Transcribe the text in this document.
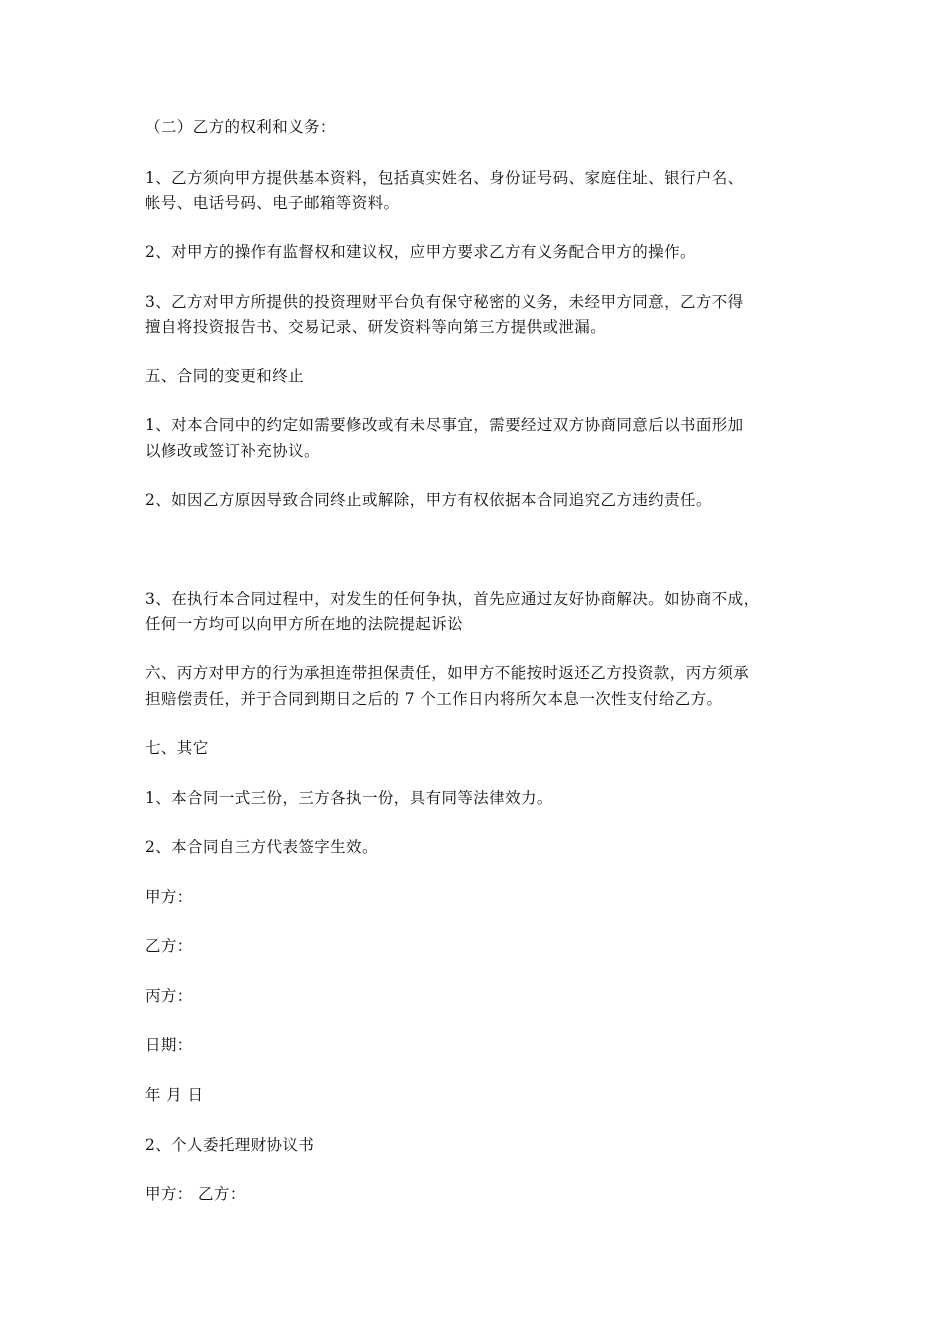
（二）乙方的权利和义务：
1、乙方须向甲方提供基本资料，包括真实姓名、身份证号码、家庭住址、银行户名、
帐号、电话号码、电子邮箱等资料。
2、对甲方的操作有监督权和建议权，应甲方要求乙方有义务配合甲方的操作。
3、乙方对甲方所提供的投资理财平台负有保守秘密的义务，未经甲方同意，乙方不得
擅自将投资报告书、交易记录、研发资料等向第三方提供或泄漏。
五、合同的变更和终止
1、对本合同中的约定如需要修改或有未尽事宜，需要经过双方协商同意后以书面形加
以修改或签订补充协议。
2、如因乙方原因导致合同终止或解除，甲方有权依据本合同追究乙方违约责任。
3、在执行本合同过程中，对发生的任何争执，首先应通过友好协商解决。如协商不成，
任何一方均可以向甲方所在地的法院提起诉讼
六、丙方对甲方的行为承担连带担保责任，如甲方不能按时返还乙方投资款，丙方须承
担赔偿责任，并于合同到期日之后的 7 个工作日内将所欠本息一次性支付给乙方。
七、其它
1、本合同一式三份，三方各执一份，具有同等法律效力。
2、本合同自三方代表签字生效。
甲方：
乙方：
丙方：
日期：
年 月 日
2、个人委托理财协议书
甲方： 乙方：
